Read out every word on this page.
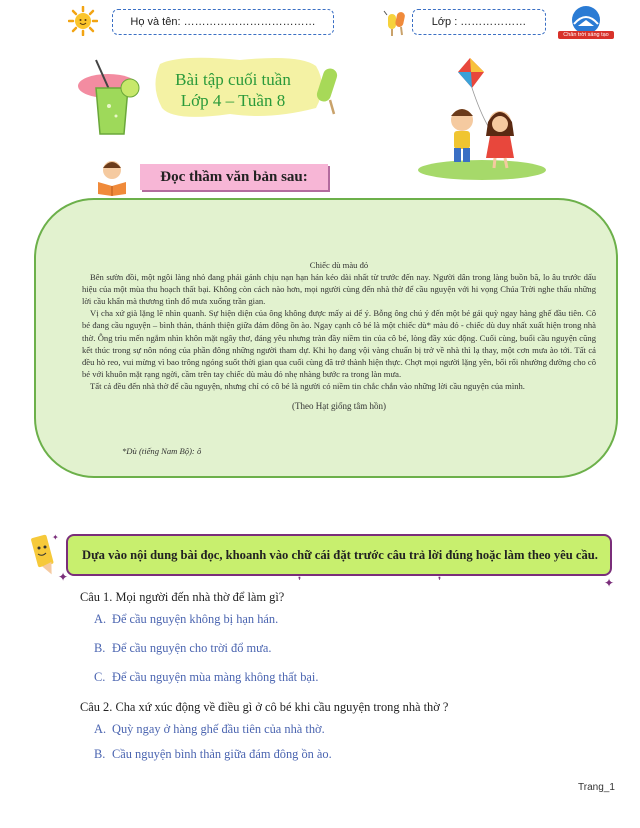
Họ và tên: ………………………………	Lớp : ………………
Chân trời sáng tạo
Bài tập cuối tuần
Lớp 4 – Tuần 8
Đọc thầm văn bản sau:
Chiếc dù màu đỏ

Bên sườn đồi, một ngôi làng nhỏ đang phải gánh chịu nạn hạn hán kéo dài nhất từ trước đến nay. Người dân trong làng buồn bã, lo âu trước dấu hiệu của một mùa thu hoạch thất bại. Không còn cách nào hơn, mọi người cùng đến nhà thờ để cầu nguyện với hi vọng Chúa Trời nghe thấu những lời cầu khẩn mà thương tình đổ mưa xuống trần gian.

Vị cha xứ già lặng lẽ nhìn quanh. Sự hiện diện của ông không được mấy ai để ý. Bỗng ông chú ý đến một bé gái quỳ ngay hàng ghế đầu tiên. Cô bé đang cầu nguyện – bình thản, thánh thiện giữa đám đông ồn ào. Ngay cạnh cô bé là một chiếc dù* màu đỏ - chiếc dù duy nhất xuất hiện trong nhà thờ. Ông trìu mến ngắm nhìn khôn mặt ngây thơ, đáng yêu nhưng tràn đầy niềm tin của cô bé, lòng đầy xúc động. Cuối cùng, buổi cầu nguyện cũng kết thúc trong sự nôn nóng của phần đông những người tham dự. Khi họ đang vội vàng chuẩn bị trở về nhà thì lạ thay, một cơn mưa ào tới. Tất cả đều hò reo, vui mừng vì bao trông ngóng suốt thời gian qua cuối cùng đã trở thành hiện thực. Chợt mọi người lặng yên, bối rối nhường đường cho cô bé với khuôn mặt rạng ngời, cầm trên tay chiếc dù màu đỏ nhẹ nhàng bước ra trong làn mưa.

Tất cả đều đến nhà thờ để cầu nguyện, nhưng chỉ có cô bé là người có niềm tin chắc chắn vào những lời cầu nguyện của mình.

(Theo Hạt giống tâm hồn)

*Dù (tiếng Nam Bộ): ô
✦
Dựa vào nội dung bài đọc, khoanh vào chữ cái đặt trước câu trả lời đúng hoặc làm theo yêu cầu.
✦	✦
❜	❜
Câu 1. Mọi người đến nhà thờ để làm gì?
A. Để cầu nguyện không bị hạn hán.
B. Để cầu nguyện cho trời đổ mưa.
C. Để cầu nguyện mùa màng không thất bại.
Câu 2. Cha xứ xúc động về điều gì ở cô bé khi cầu nguyện trong nhà thờ ?
A. Quỳ ngay ở hàng ghế đầu tiên của nhà thờ.
B. Cầu nguyện bình thản giữa đám đông ồn ào.
Trang_1
